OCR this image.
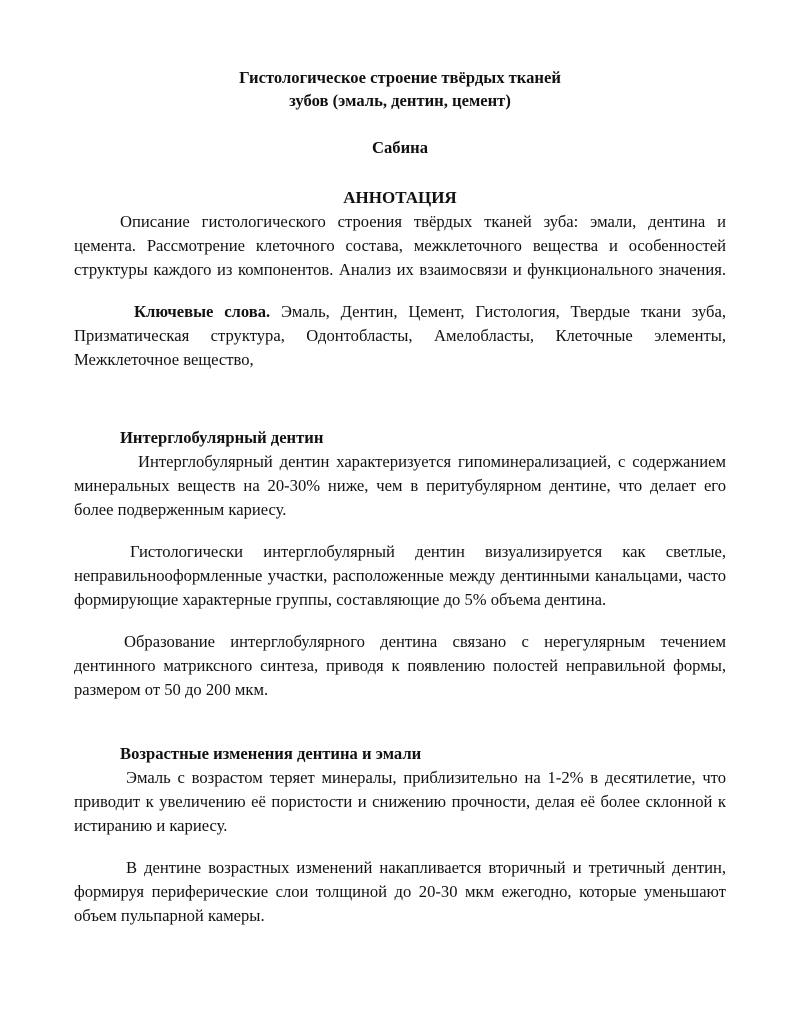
Гистологическое строение твёрдых тканей
зубов (эмаль, дентин, цемент)
Сабина
АННОТАЦИЯ

Описание гистологического строения твёрдых тканей зуба: эмали, дентина и цемента. Рассмотрение клеточного состава, межклеточного вещества и особенностей структуры каждого из компонентов. Анализ их взаимосвязи и функционального значения.

Ключевые слова. Эмаль, Дентин, Цемент, Гистология, Твердые ткани зуба, Призматическая структура, Одонтобласты, Амелобласты, Клеточные элементы, Межклеточное вещество,

Интерглобулярный дентин

Интерглобулярный дентин характеризуется гипоминерализацией, с содержанием минеральных веществ на 20-30% ниже, чем в перитубулярном дентине, что делает его более подверженным кариесу.

Гистологически интерглобулярный дентин визуализируется как светлые, неправильноoформленные участки, расположенные между дентинными канальцами, часто формирующие характерные группы, составляющие до 5% объема дентина.

Образование интерглобулярного дентина связано с нерегулярным течением дентинного матриксного синтеза, приводя к появлению полостей неправильной формы, размером от 50 до 200 мкм.

Возрастные изменения дентина и эмали

Эмаль с возрастом теряет минералы, приблизительно на 1-2% в десятилетие, что приводит к увеличению её пористости и снижению прочности, делая её более склонной к истиранию и кариесу.

В дентине возрастных изменений накапливается вторичный и третичный дентин, формируя периферические слои толщиной до 20-30 мкм ежегодно, которые уменьшают объем пульпарной камеры.
